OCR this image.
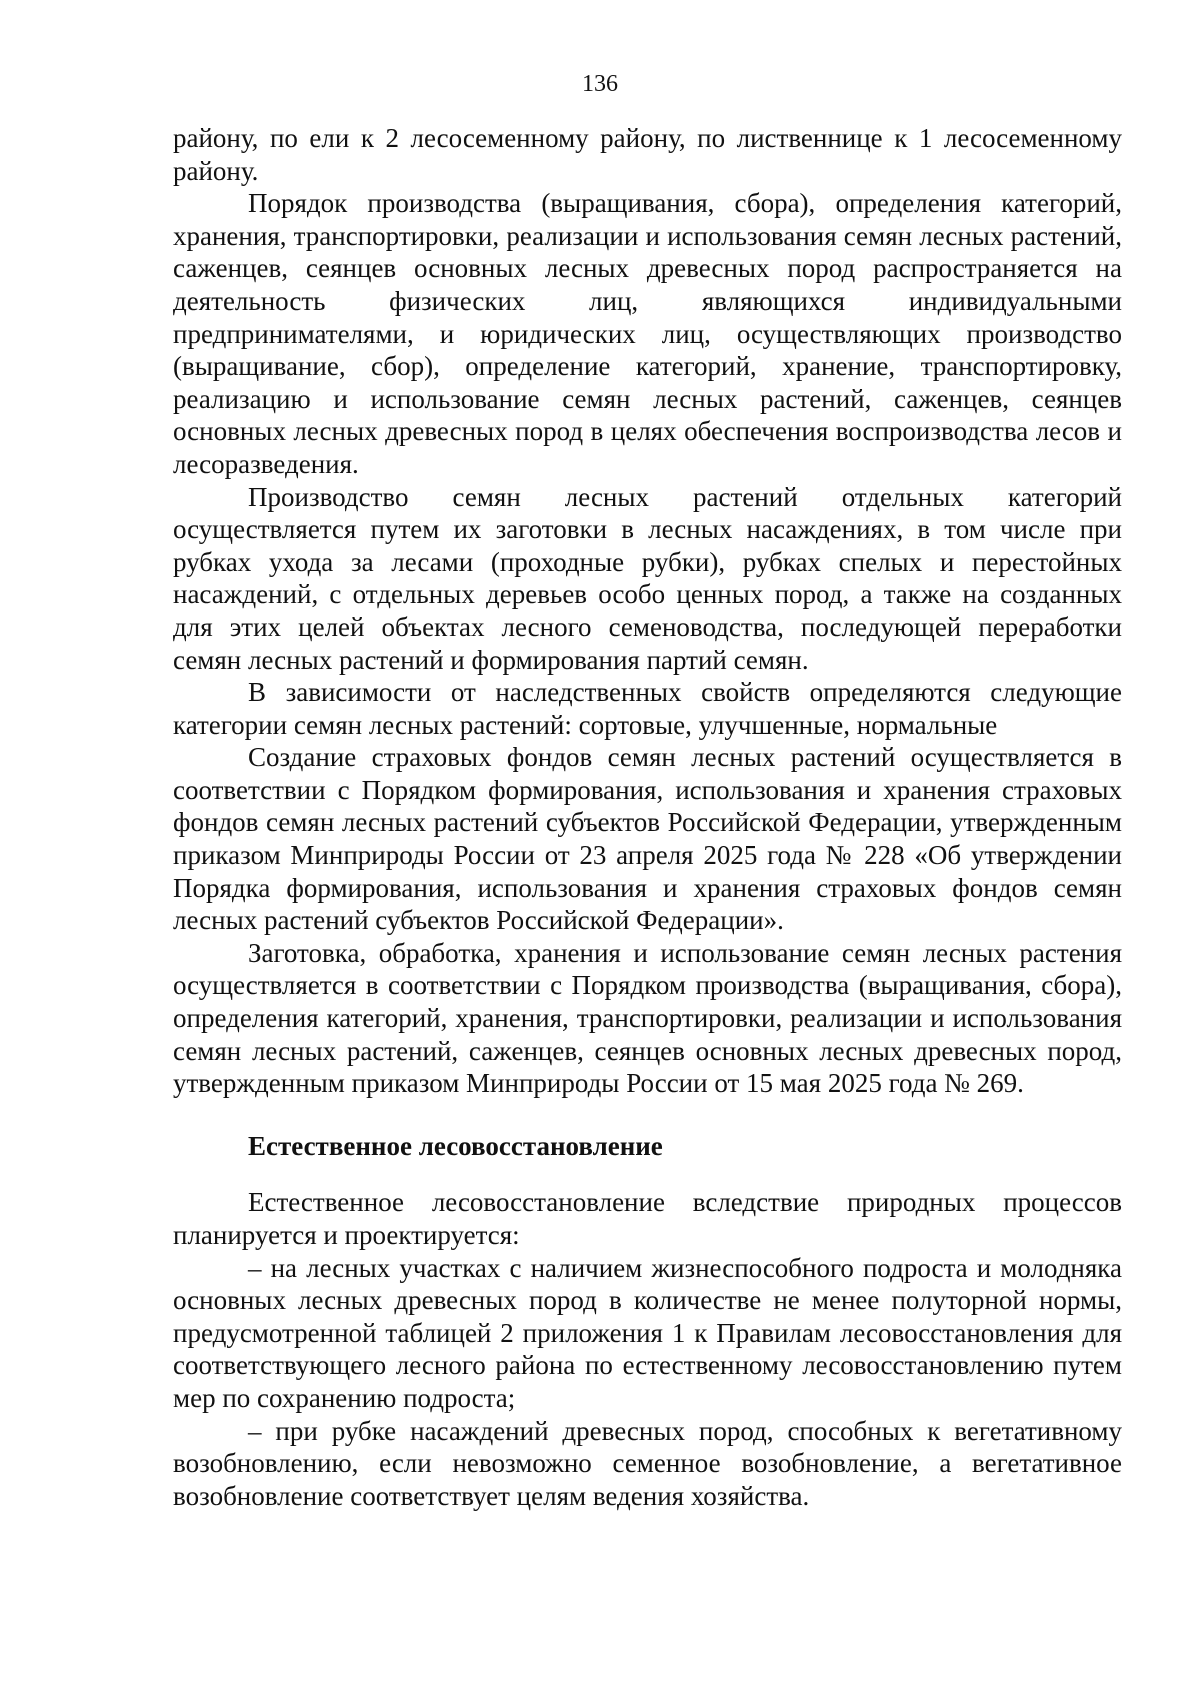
136

району, по ели к 2 лесосеменному району, по лиственнице к 1 лесосеменному району.

Порядок производства (выращивания, сбора), определения категорий, хранения, транспортировки, реализации и использования семян лесных растений, саженцев, сеянцев основных лесных древесных пород распространяется на деятельность физических лиц, являющихся индивидуальными предпринимателями, и юридических лиц, осуществляющих производство (выращивание, сбор), определение категорий, хранение, транспортировку, реализацию и использование семян лесных растений, саженцев, сеянцев основных лесных древесных пород в целях обеспечения воспроизводства лесов и лесоразведения.

Производство семян лесных растений отдельных категорий осуществляется путем их заготовки в лесных насаждениях, в том числе при рубках ухода за лесами (проходные рубки), рубках спелых и перестойных насаждений, с отдельных деревьев особо ценных пород, а также на созданных для этих целей объектах лесного семеноводства, последующей переработки семян лесных растений и формирования партий семян.

В зависимости от наследственных свойств определяются следующие категории семян лесных растений: сортовые, улучшенные, нормальные

Создание страховых фондов семян лесных растений осуществляется в соответствии с Порядком формирования, использования и хранения страховых фондов семян лесных растений субъектов Российской Федерации, утвержденным приказом Минприроды России от 23 апреля 2025 года № 228 «Об утверждении Порядка формирования, использования и хранения страховых фондов семян лесных растений субъектов Российской Федерации».

Заготовка, обработка, хранения и использование семян лесных растения осуществляется в соответствии с Порядком производства (выращивания, сбора), определения категорий, хранения, транспортировки, реализации и использования семян лесных растений, саженцев, сеянцев основных лесных древесных пород, утвержденным приказом Минприроды России от 15 мая 2025 года № 269.

Естественное лесовосстановление

Естественное лесовосстановление вследствие природных процессов планируется и проектируется:

– на лесных участках с наличием жизнеспособного подроста и молодняка основных лесных древесных пород в количестве не менее полуторной нормы, предусмотренной таблицей 2 приложения 1 к Правилам лесовосстановления для соответствующего лесного района по естественному лесовосстановлению путем мер по сохранению подроста;

– при рубке насаждений древесных пород, способных к вегетативному возобновлению, если невозможно семенное возобновление, а вегетативное возобновление соответствует целям ведения хозяйства.
